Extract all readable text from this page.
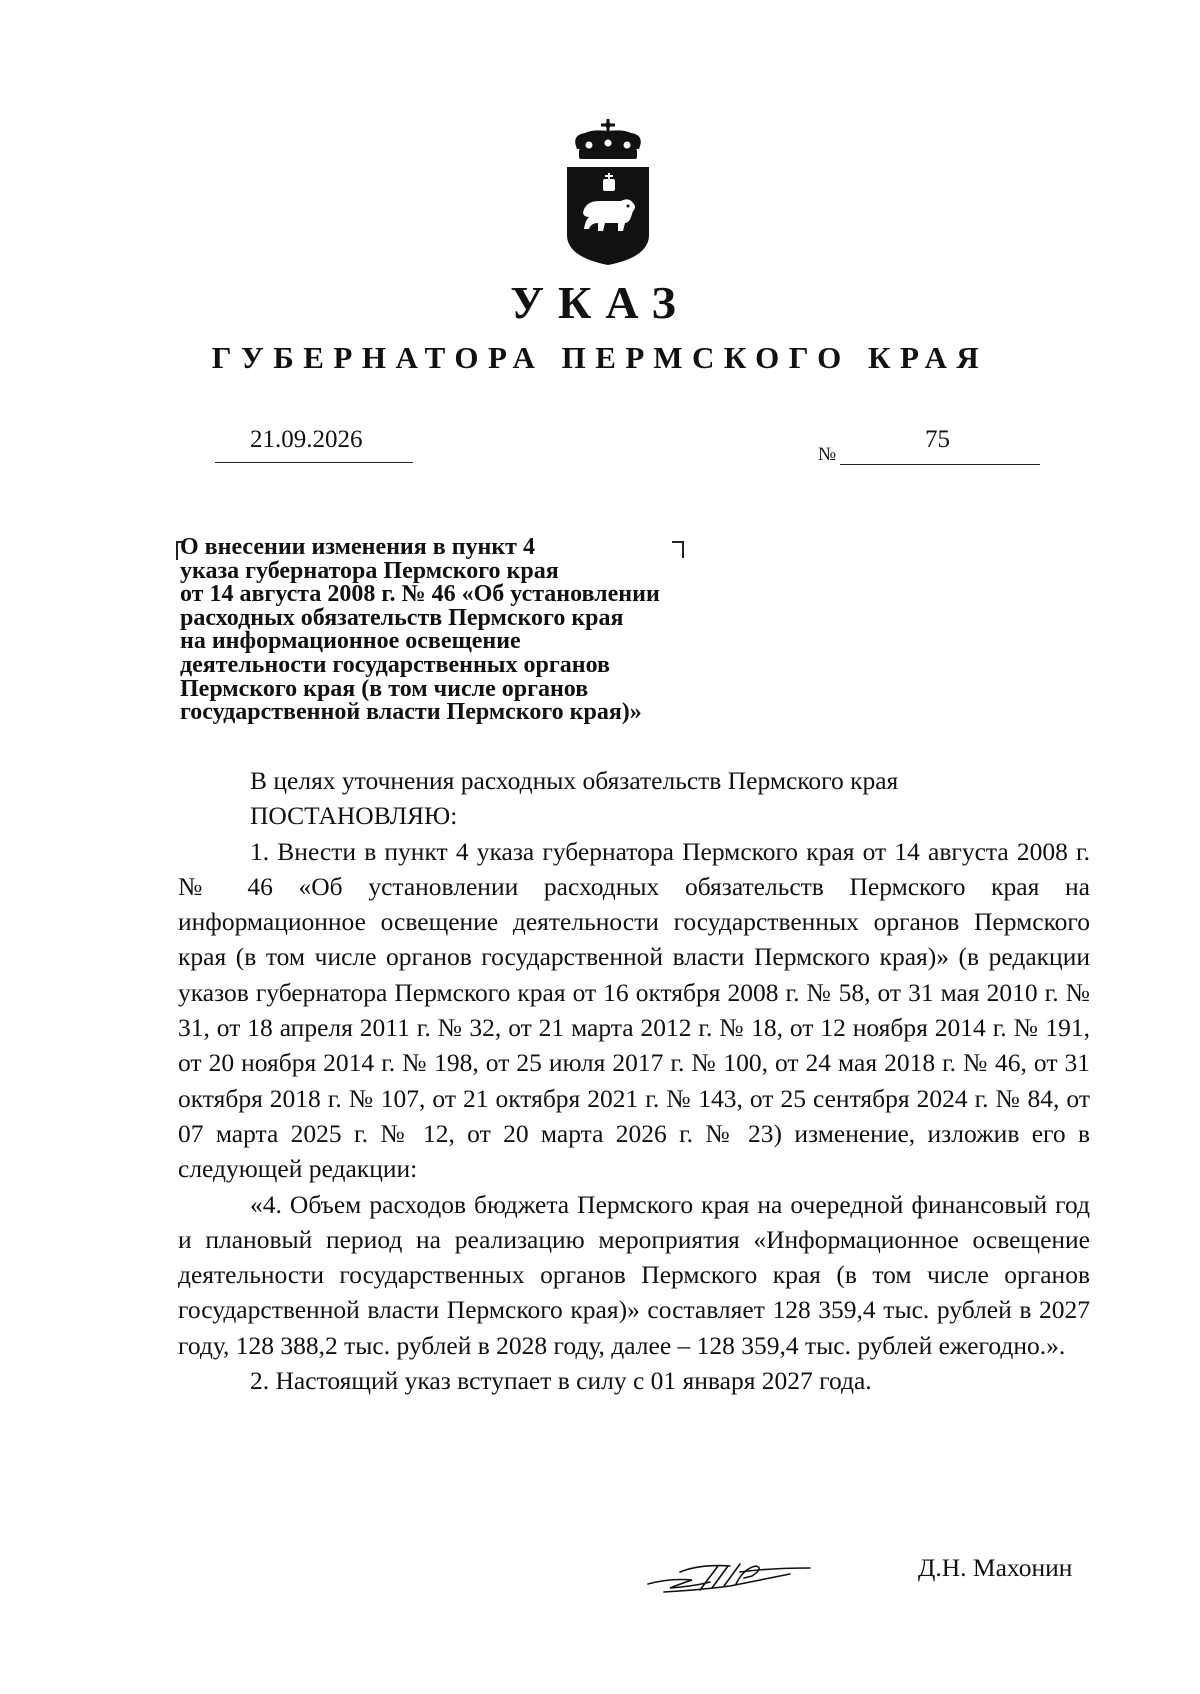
УКАЗ
ГУБЕРНАТОРА ПЕРМСКОГО КРАЯ
21.09.2026
№
75
О внесении изменения в пункт 4
указа губернатора Пермского края
от 14 августа 2008 г. № 46 «Об установлении
расходных обязательств Пермского края
на информационное освещение
деятельности государственных органов
Пермского края (в том числе органов
государственной власти Пермского края)»

В целях уточнения расходных обязательств Пермского края

ПОСТАНОВЛЯЮ:

1. Внести в пункт 4 указа губернатора Пермского края от 14 августа 2008 г. № 46 «Об установлении расходных обязательств Пермского края на информационное освещение деятельности государственных органов Пермского края (в том числе органов государственной власти Пермского края)» (в редакции указов губернатора Пермского края от 16 октября 2008 г. № 58, от 31 мая 2010 г. № 31, от 18 апреля 2011 г. № 32, от 21 марта 2012 г. № 18, от 12 ноября 2014 г. № 191, от 20 ноября 2014 г. № 198, от 25 июля 2017 г. № 100, от 24 мая 2018 г. № 46, от 31 октября 2018 г. № 107, от 21 октября 2021 г. № 143, от 25 сентября 2024 г. № 84, от 07 марта 2025 г. № 12, от 20 марта 2026 г. № 23) изменение, изложив его в следующей редакции:

«4. Объем расходов бюджета Пермского края на очередной финансовый год и плановый период на реализацию мероприятия «Информационное освещение деятельности государственных органов Пермского края (в том числе органов государственной власти Пермского края)» составляет 128 359,4 тыс. рублей в 2027 году, 128 388,2 тыс. рублей в 2028 году, далее – 128 359,4 тыс. рублей ежегодно.».

2. Настоящий указ вступает в силу с 01 января 2027 года.

Д.Н. Махонин
